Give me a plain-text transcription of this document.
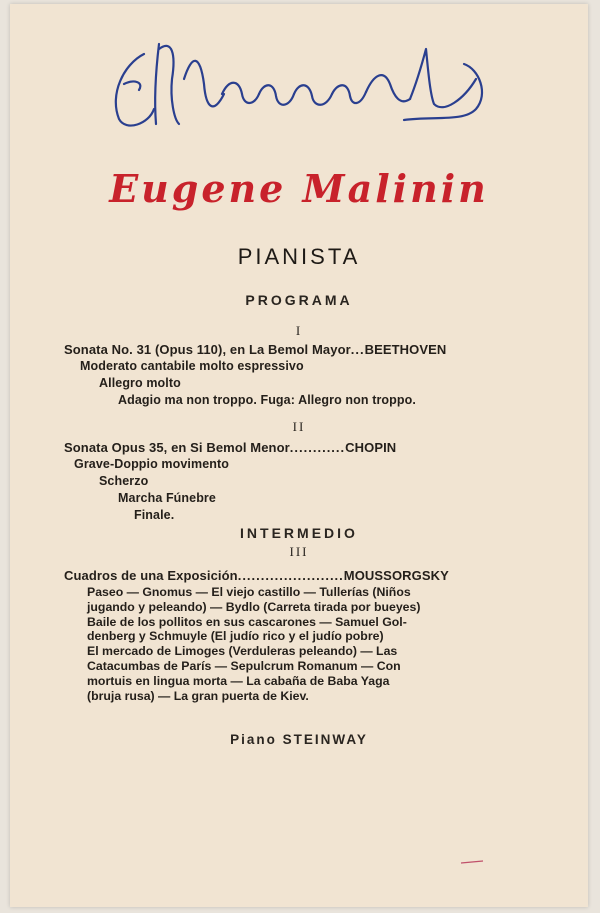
Eugene Malinin
PIANISTA
PROGRAMA
I
Sonata No. 31 (Opus 110), en La Bemol Mayor...BEETHOVEN
Moderato cantabile molto espressivo
Allegro molto
Adagio ma non troppo. Fuga: Allegro non troppo.
II
Sonata Opus 35, en Si Bemol Menor............CHOPIN
Grave-Doppio movimento
Scherzo
Marcha Fúnebre
Finale.
INTERMEDIO
III
Cuadros de una Exposición.......................MOUSSORGSKY
Paseo — Gnomus — El viejo castillo — Tullerías (Niños
jugando y peleando) — Bydlo (Carreta tirada por bueyes)
Baile de los pollitos en sus cascarones — Samuel Gol-
denberg y Schmuyle (El judío rico y el judío pobre)
El mercado de Limoges (Verduleras peleando) — Las
Catacumbas de París — Sepulcrum Romanum — Con
mortuis en lingua morta — La cabaña de Baba Yaga
(bruja rusa) — La gran puerta de Kiev.
Piano STEINWAY
